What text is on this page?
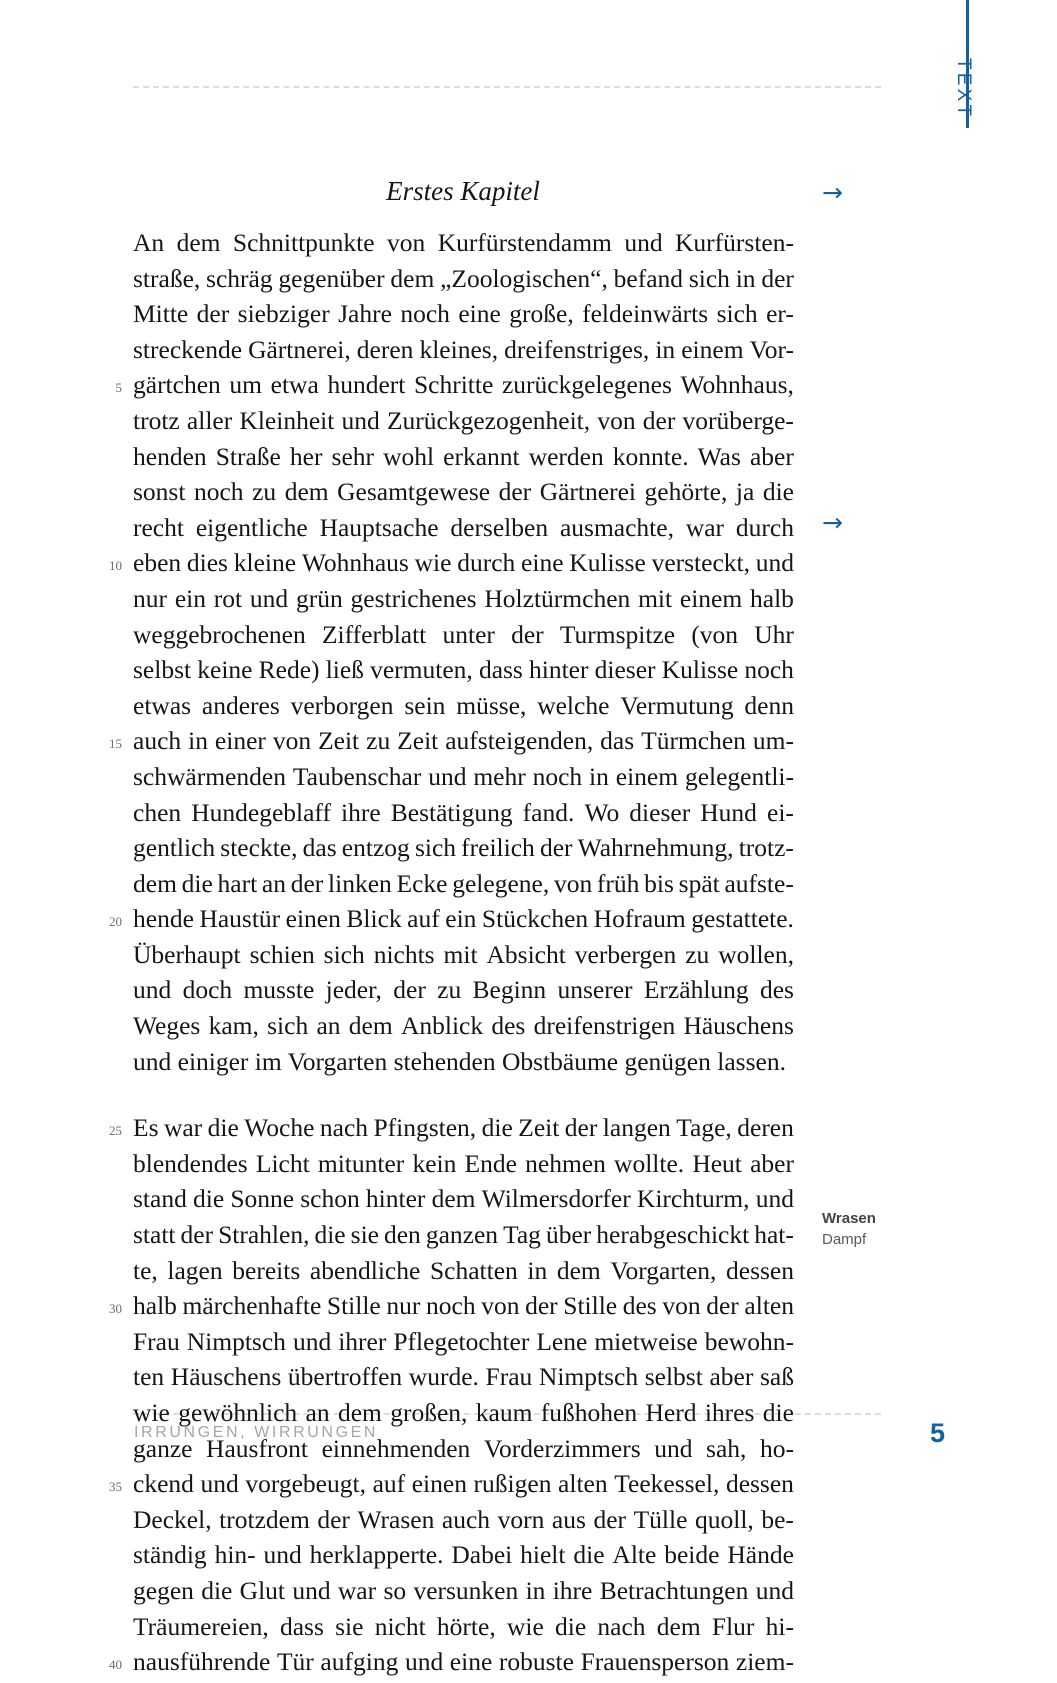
TEXT
Erstes Kapitel	→
→
An dem Schnittpunkte von Kurfürstendamm und Kurfürsten-
straße, schräg gegenüber dem „Zoologischen“, befand sich in der
Mitte der siebziger Jahre noch eine große, feldeinwärts sich er-
streckende Gärtnerei, deren kleines, dreifenstriges, in einem Vor-
5 gärtchen um etwa hundert Schritte zurückgelegenes Wohnhaus,
trotz aller Kleinheit und Zurückgezogenheit, von der vorüberge-
henden Straße her sehr wohl erkannt werden konnte. Was aber
sonst noch zu dem Gesamtgewese der Gärtnerei gehörte, ja die
recht eigentliche Hauptsache derselben ausmachte, war durch
10 eben dies kleine Wohnhaus wie durch eine Kulisse versteckt, und
nur ein rot und grün gestrichenes Holztürmchen mit einem halb
weggebrochenen Zifferblatt unter der Turmspitze (von Uhr
selbst keine Rede) ließ vermuten, dass hinter dieser Kulisse noch
etwas anderes verborgen sein müsse, welche Vermutung denn
15 auch in einer von Zeit zu Zeit aufsteigenden, das Türmchen um-
schwärmenden Taubenschar und mehr noch in einem gelegentli-
chen Hundegeblaff ihre Bestätigung fand. Wo dieser Hund ei-
gentlich steckte, das entzog sich freilich der Wahrnehmung, trotz-
dem die hart an der linken Ecke gelegene, von früh bis spät aufste-
20 hende Haustür einen Blick auf ein Stückchen Hofraum gestattete.
Überhaupt schien sich nichts mit Absicht verbergen zu wollen,
und doch musste jeder, der zu Beginn unserer Erzählung des
Weges kam, sich an dem Anblick des dreifenstrigen Häuschens
und einiger im Vorgarten stehenden Obstbäume genügen lassen.
25 Es war die Woche nach Pfingsten, die Zeit der langen Tage, deren
blendendes Licht mitunter kein Ende nehmen wollte. Heut aber
stand die Sonne schon hinter dem Wilmersdorfer Kirchturm, und
statt der Strahlen, die sie den ganzen Tag über herabgeschickt hat-
te, lagen bereits abendliche Schatten in dem Vorgarten, dessen
30 halb märchenhafte Stille nur noch von der Stille des von der alten
Frau Nimptsch und ihrer Pflegetochter Lene mietweise bewohn-
ten Häuschens übertroffen wurde. Frau Nimptsch selbst aber saß
wie gewöhnlich an dem großen, kaum fußhohen Herd ihres die
ganze Hausfront einnehmenden Vorderzimmers und sah, ho-
35 ckend und vorgebeugt, auf einen rußigen alten Teekessel, dessen
Deckel, trotzdem der Wrasen auch vorn aus der Tülle quoll, be-
ständig hin- und herklapperte. Dabei hielt die Alte beide Hände
gegen die Glut und war so versunken in ihre Betrachtungen und
Träumereien, dass sie nicht hörte, wie die nach dem Flur hi-
40 nausführende Tür aufging und eine robuste Frauensperson ziem-
Wrasen
Dampf
IRRUNGEN, WIRRUNGEN	5
